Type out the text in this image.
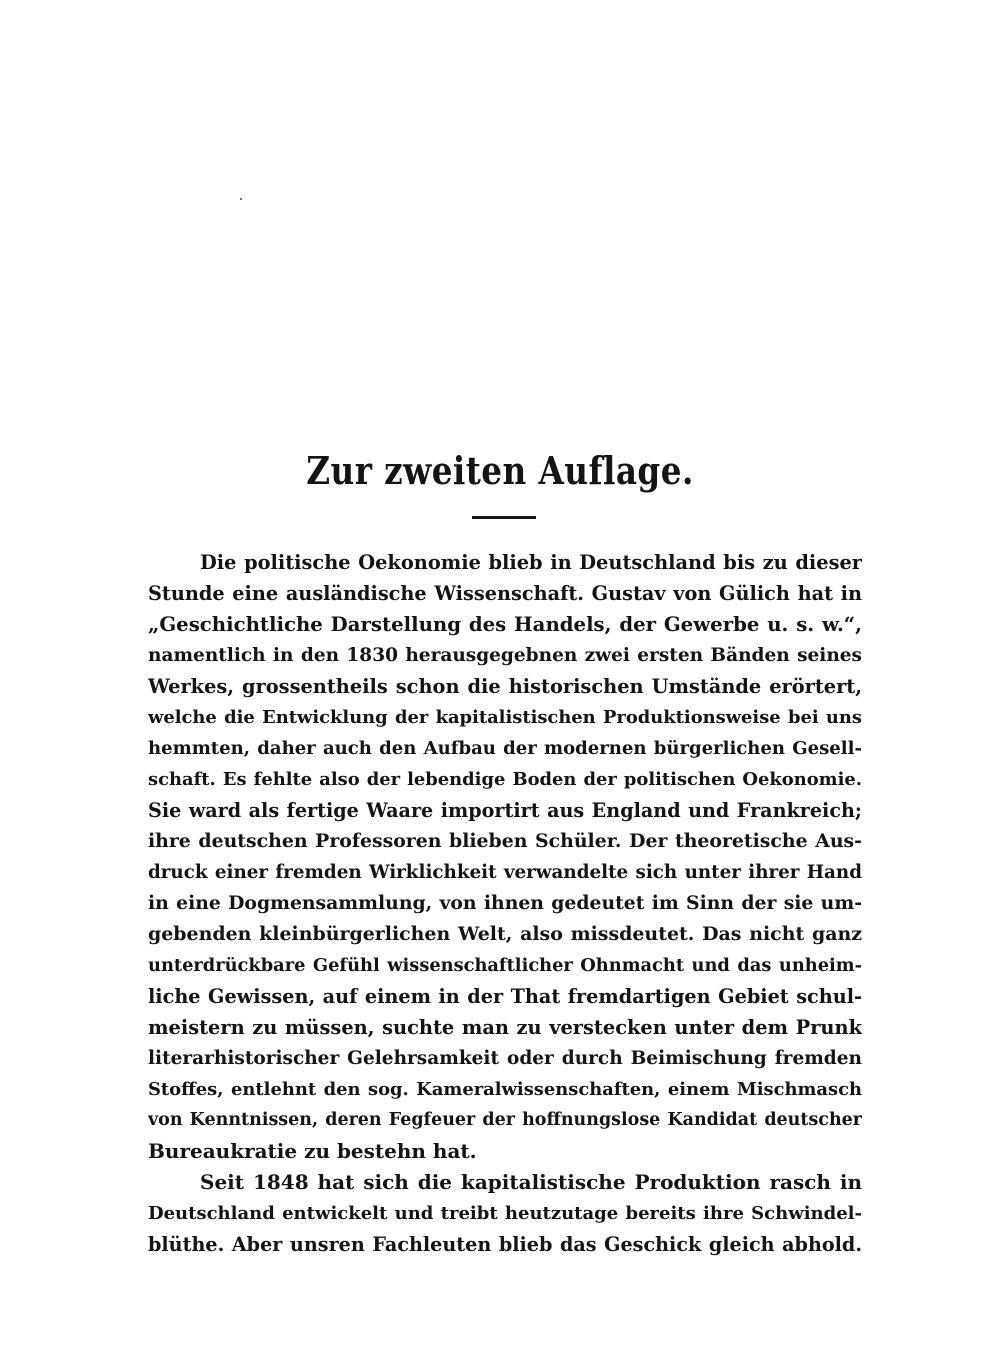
Zur zweiten Auflage.
Die politische Oekonomie blieb in Deutschland bis zu dieser
Stunde eine ausländische Wissenschaft. Gustav von Gülich hat in
„Geschichtliche Darstellung des Handels, der Gewerbe u. s. w.“,
namentlich in den 1830 herausgegebnen zwei ersten Bänden seines
Werkes, grossentheils schon die historischen Umstände erörtert,
welche die Entwicklung der kapitalistischen Produktionsweise bei uns
hemmten, daher auch den Aufbau der modernen bürgerlichen Gesell-
schaft. Es fehlte also der lebendige Boden der politischen Oekonomie.
Sie ward als fertige Waare importirt aus England und Frankreich;
ihre deutschen Professoren blieben Schüler. Der theoretische Aus-
druck einer fremden Wirklichkeit verwandelte sich unter ihrer Hand
in eine Dogmensammlung, von ihnen gedeutet im Sinn der sie um-
gebenden kleinbürgerlichen Welt, also missdeutet. Das nicht ganz
unterdrückbare Gefühl wissenschaftlicher Ohnmacht und das unheim-
liche Gewissen, auf einem in der That fremdartigen Gebiet schul-
meistern zu müssen, suchte man zu verstecken unter dem Prunk
literarhistorischer Gelehrsamkeit oder durch Beimischung fremden
Stoffes, entlehnt den sog. Kameralwissenschaften, einem Mischmasch
von Kenntnissen, deren Fegfeuer der hoffnungslose Kandidat deutscher
Bureaukratie zu bestehn hat.
Seit 1848 hat sich die kapitalistische Produktion rasch in
Deutschland entwickelt und treibt heutzutage bereits ihre Schwindel-
blüthe. Aber unsren Fachleuten blieb das Geschick gleich abhold.
